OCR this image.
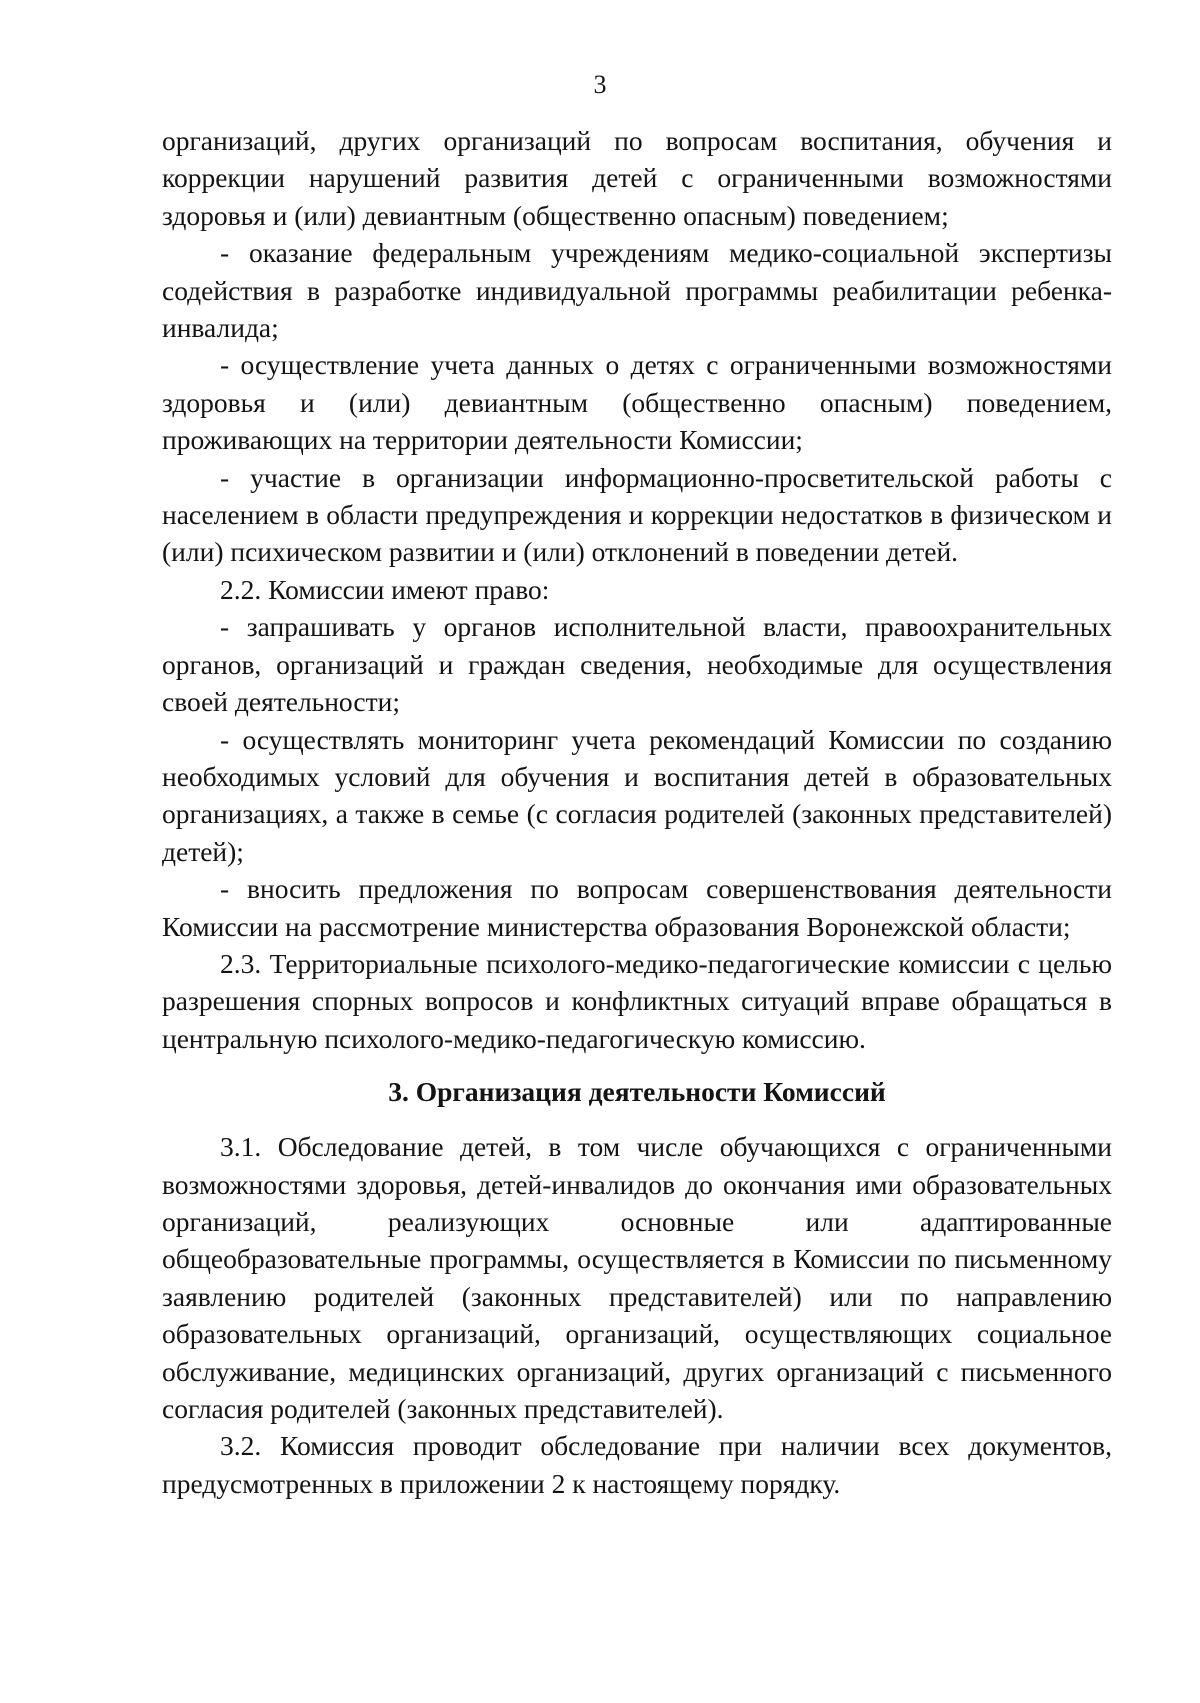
3

организаций, других организаций по вопросам воспитания, обучения и коррекции нарушений развития детей с ограниченными возможностями здоровья и (или) девиантным (общественно опасным) поведением;

- оказание федеральным учреждениям медико-социальной экспертизы содействия в разработке индивидуальной программы реабилитации ребенка-инвалида;

- осуществление учета данных о детях с ограниченными возможностями здоровья и (или) девиантным (общественно опасным) поведением, проживающих на территории деятельности Комиссии;

- участие в организации информационно-просветительской работы с населением в области предупреждения и коррекции недостатков в физическом и (или) психическом развитии и (или) отклонений в поведении детей.

2.2. Комиссии имеют право:

- запрашивать у органов исполнительной власти, правоохранительных органов, организаций и граждан сведения, необходимые для осуществления своей деятельности;

- осуществлять мониторинг учета рекомендаций Комиссии по созданию необходимых условий для обучения и воспитания детей в образовательных организациях, а также в семье (с согласия родителей (законных представителей) детей);

- вносить предложения по вопросам совершенствования деятельности Комиссии на рассмотрение министерства образования Воронежской области;

2.3. Территориальные психолого-медико-педагогические комиссии с целью разрешения спорных вопросов и конфликтных ситуаций вправе обращаться в центральную психолого-медико-педагогическую комиссию.

3. Организация деятельности Комиссий

3.1. Обследование детей, в том числе обучающихся с ограниченными возможностями здоровья, детей-инвалидов до окончания ими образовательных организаций, реализующих основные или адаптированные общеобразовательные программы, осуществляется в Комиссии по письменному заявлению родителей (законных представителей) или по направлению образовательных организаций, организаций, осуществляющих социальное обслуживание, медицинских организаций, других организаций с письменного согласия родителей (законных представителей).

3.2. Комиссия проводит обследование при наличии всех документов, предусмотренных в приложении 2 к настоящему порядку.
